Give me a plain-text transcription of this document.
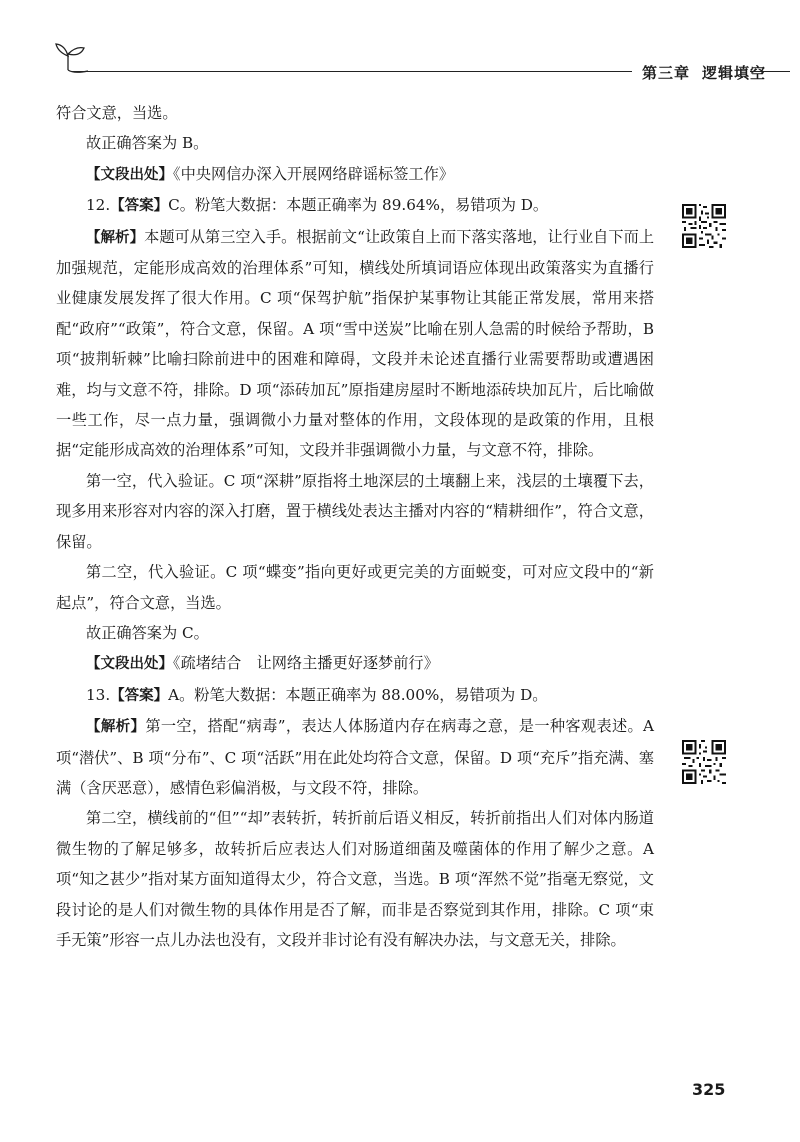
第三章 逻辑填空

符合文意，当选。

故正确答案为 B。

【文段出处】《中央网信办深入开展网络辟谣标签工作》

12.【答案】C。粉笔大数据：本题正确率为 89.64%，易错项为 D。

【解析】本题可从第三空入手。根据前文“让政策自上而下落实落地，让行业自下而上加强规范，定能形成高效的治理体系”可知，横线处所填词语应体现出政策落实为直播行业健康发展发挥了很大作用。C 项“保驾护航”指保护某事物让其能正常发展，常用来搭配“政府”“政策”，符合文意，保留。A 项“雪中送炭”比喻在别人急需的时候给予帮助，B 项“披荆斩棘”比喻扫除前进中的困难和障碍，文段并未论述直播行业需要帮助或遭遇困难，均与文意不符，排除。D 项“添砖加瓦”原指建房屋时不断地添砖块加瓦片，后比喻做一些工作，尽一点力量，强调微小力量对整体的作用，文段体现的是政策的作用，且根据“定能形成高效的治理体系”可知，文段并非强调微小力量，与文意不符，排除。

第一空，代入验证。C 项“深耕”原指将土地深层的土壤翻上来，浅层的土壤覆下去，现多用来形容对内容的深入打磨，置于横线处表达主播对内容的“精耕细作”，符合文意，保留。

第二空，代入验证。C 项“蝶变”指向更好或更完美的方面蜕变，可对应文段中的“新起点”，符合文意，当选。

故正确答案为 C。

【文段出处】《疏堵结合　让网络主播更好逐梦前行》

13.【答案】A。粉笔大数据：本题正确率为 88.00%，易错项为 D。

【解析】第一空，搭配“病毒”，表达人体肠道内存在病毒之意，是一种客观表述。A 项“潜伏”、B 项“分布”、C 项“活跃”用在此处均符合文意，保留。D 项“充斥”指充满、塞满（含厌恶意），感情色彩偏消极，与文段不符，排除。

第二空，横线前的“但”“却”表转折，转折前后语义相反，转折前指出人们对体内肠道微生物的了解足够多，故转折后应表达人们对肠道细菌及噬菌体的作用了解少之意。A 项“知之甚少”指对某方面知道得太少，符合文意，当选。B 项“浑然不觉”指毫无察觉，文段讨论的是人们对微生物的具体作用是否了解，而非是否察觉到其作用，排除。C 项“束手无策”形容一点儿办法也没有，文段并非讨论有没有解决办法，与文意无关，排除。

325
